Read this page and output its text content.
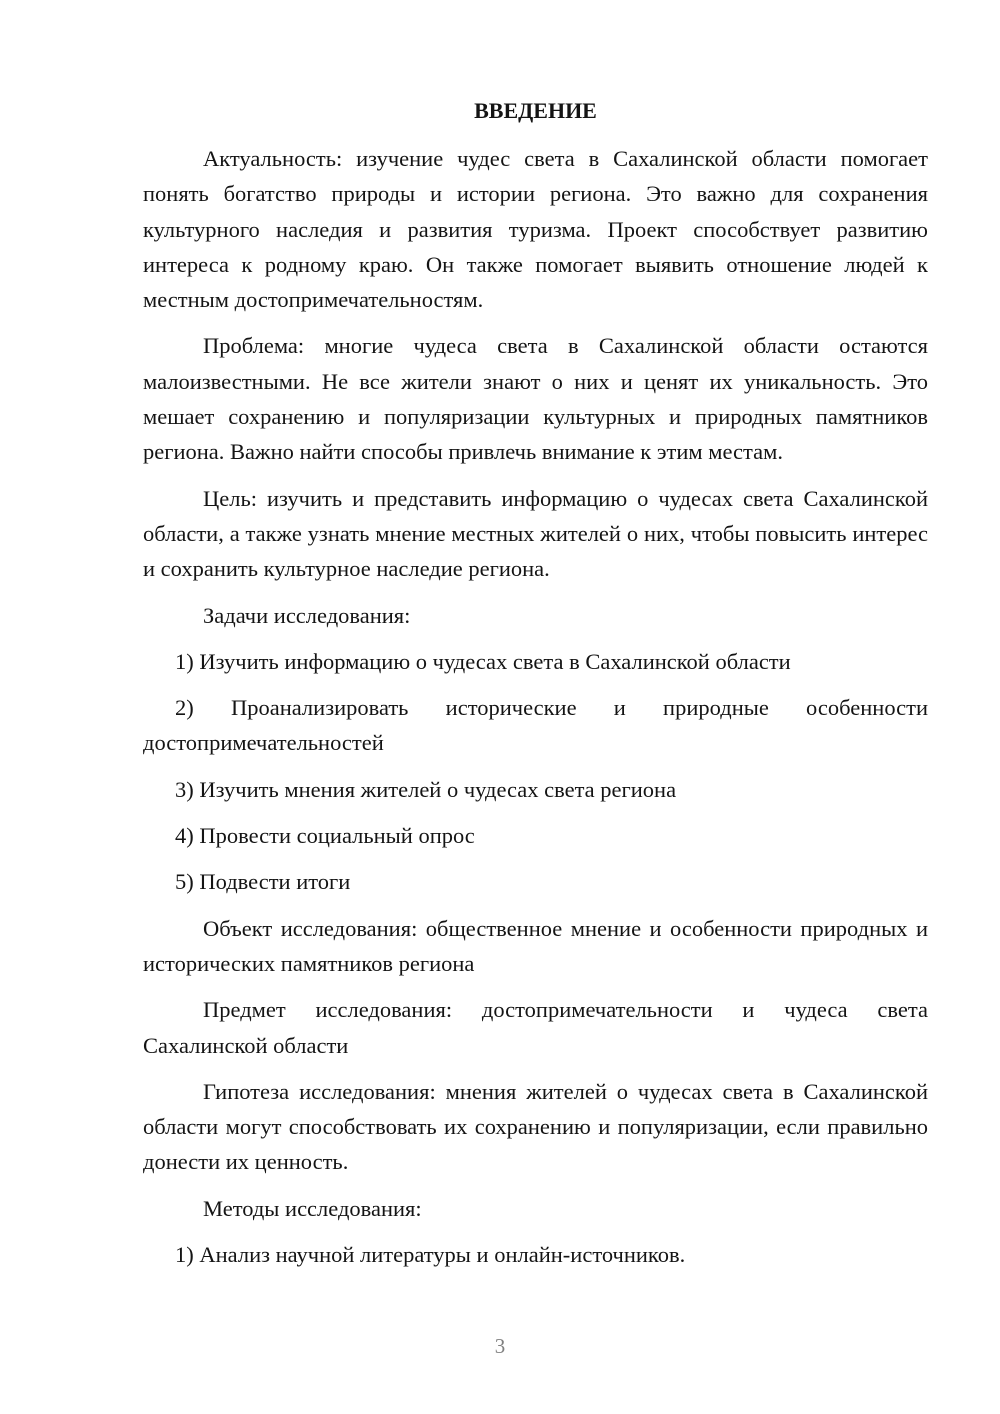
ВВЕДЕНИЕ

Актуальность: изучение чудес света в Сахалинской области помогает понять богатство природы и истории региона. Это важно для сохранения культурного наследия и развития туризма. Проект способствует развитию интереса к родному краю. Он также помогает выявить отношение людей к местным достопримечательностям.

Проблема: многие чудеса света в Сахалинской области остаются малоизвестными. Не все жители знают о них и ценят их уникальность. Это мешает сохранению и популяризации культурных и природных памятников региона. Важно найти способы привлечь внимание к этим местам.

Цель: изучить и представить информацию о чудесах света Сахалинской области, а также узнать мнение местных жителей о них, чтобы повысить интерес и сохранить культурное наследие региона.

Задачи исследования:

1) Изучить информацию о чудесах света в Сахалинской области

2) Проанализировать исторические и природные особенности достопримечательностей

3) Изучить мнения жителей о чудесах света региона

4) Провести социальный опрос

5) Подвести итоги

Объект исследования: общественное мнение и особенности природных и исторических памятников региона

Предмет исследования: достопримечательности и чудеса света Сахалинской области

Гипотеза исследования: мнения жителей о чудесах света в Сахалинской области могут способствовать их сохранению и популяризации, если правильно донести их ценность.

Методы исследования:

1) Анализ научной литературы и онлайн-источников.

3
